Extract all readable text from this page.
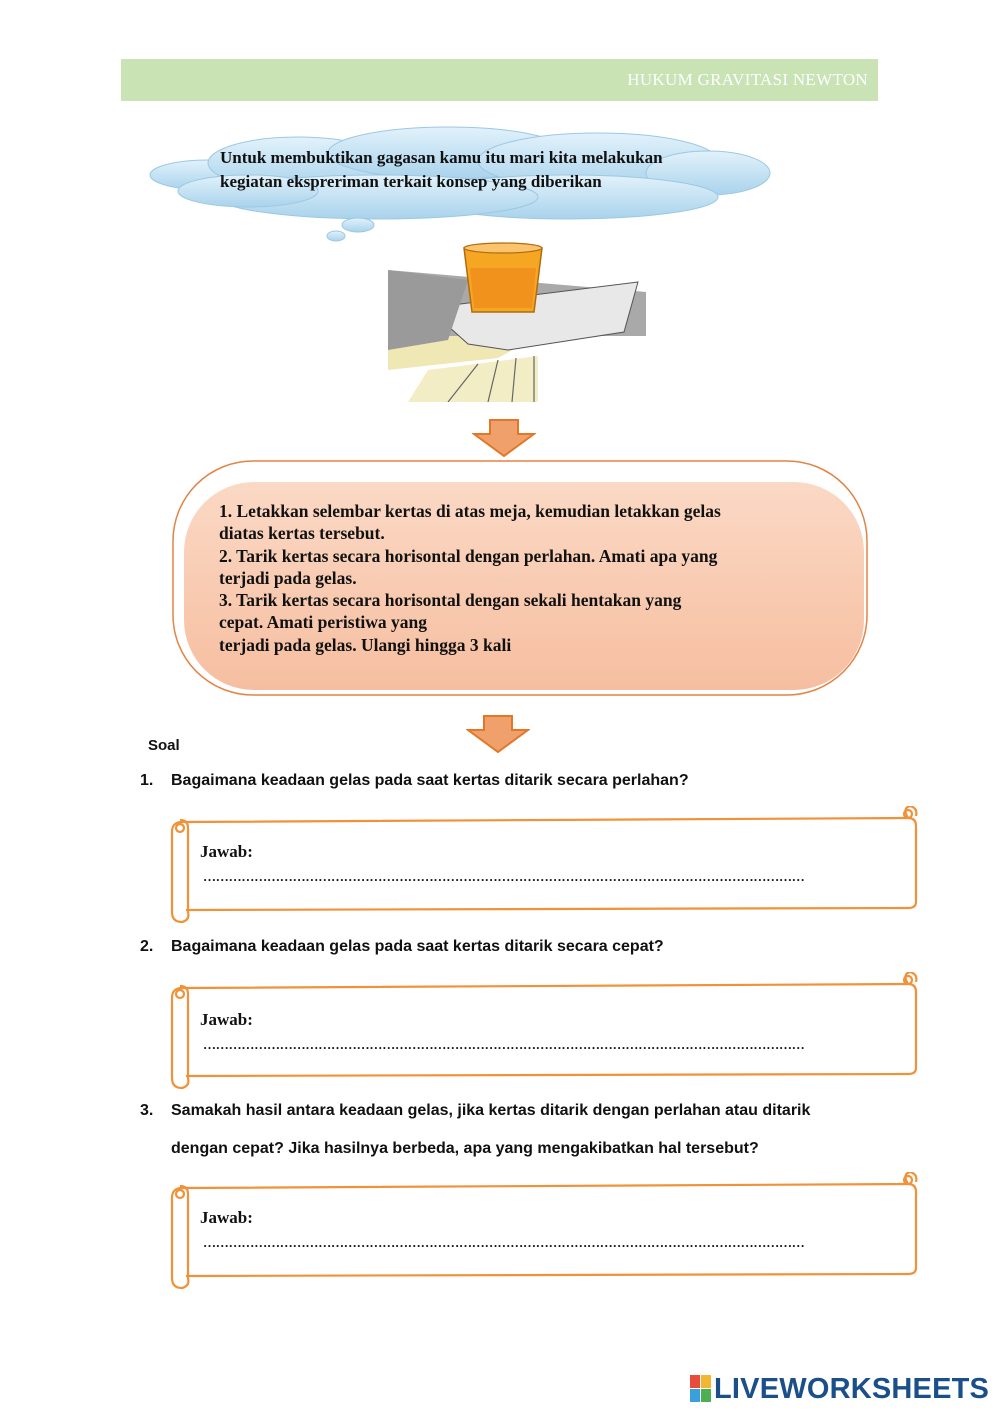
HUKUM GRAVITASI NEWTON
Untuk membuktikan gagasan kamu itu mari kita melakukan
kegiatan ekspreriman terkait konsep yang diberikan
1. Letakkan selembar kertas di atas meja, kemudian letakkan gelas
diatas kertas tersebut.
2. Tarik kertas secara horisontal dengan perlahan. Amati apa yang
terjadi pada gelas.
3. Tarik kertas secara horisontal dengan sekali hentakan yang
cepat. Amati peristiwa yang
terjadi pada gelas. Ulangi hingga 3 kali
Soal
1. Bagaimana keadaan gelas pada saat kertas ditarik secara perlahan?
Jawab:
……………………………………………………………………………………………………………………………
2. Bagaimana keadaan gelas pada saat kertas ditarik secara cepat?
Jawab:
……………………………………………………………………………………………………………………………
3. Samakah hasil antara keadaan gelas, jika kertas ditarik dengan perlahan atau ditarik
dengan cepat? Jika hasilnya berbeda, apa yang mengakibatkan hal tersebut?
Jawab:
……………………………………………………………………………………………………………………………
LIVEWORKSHEETS
